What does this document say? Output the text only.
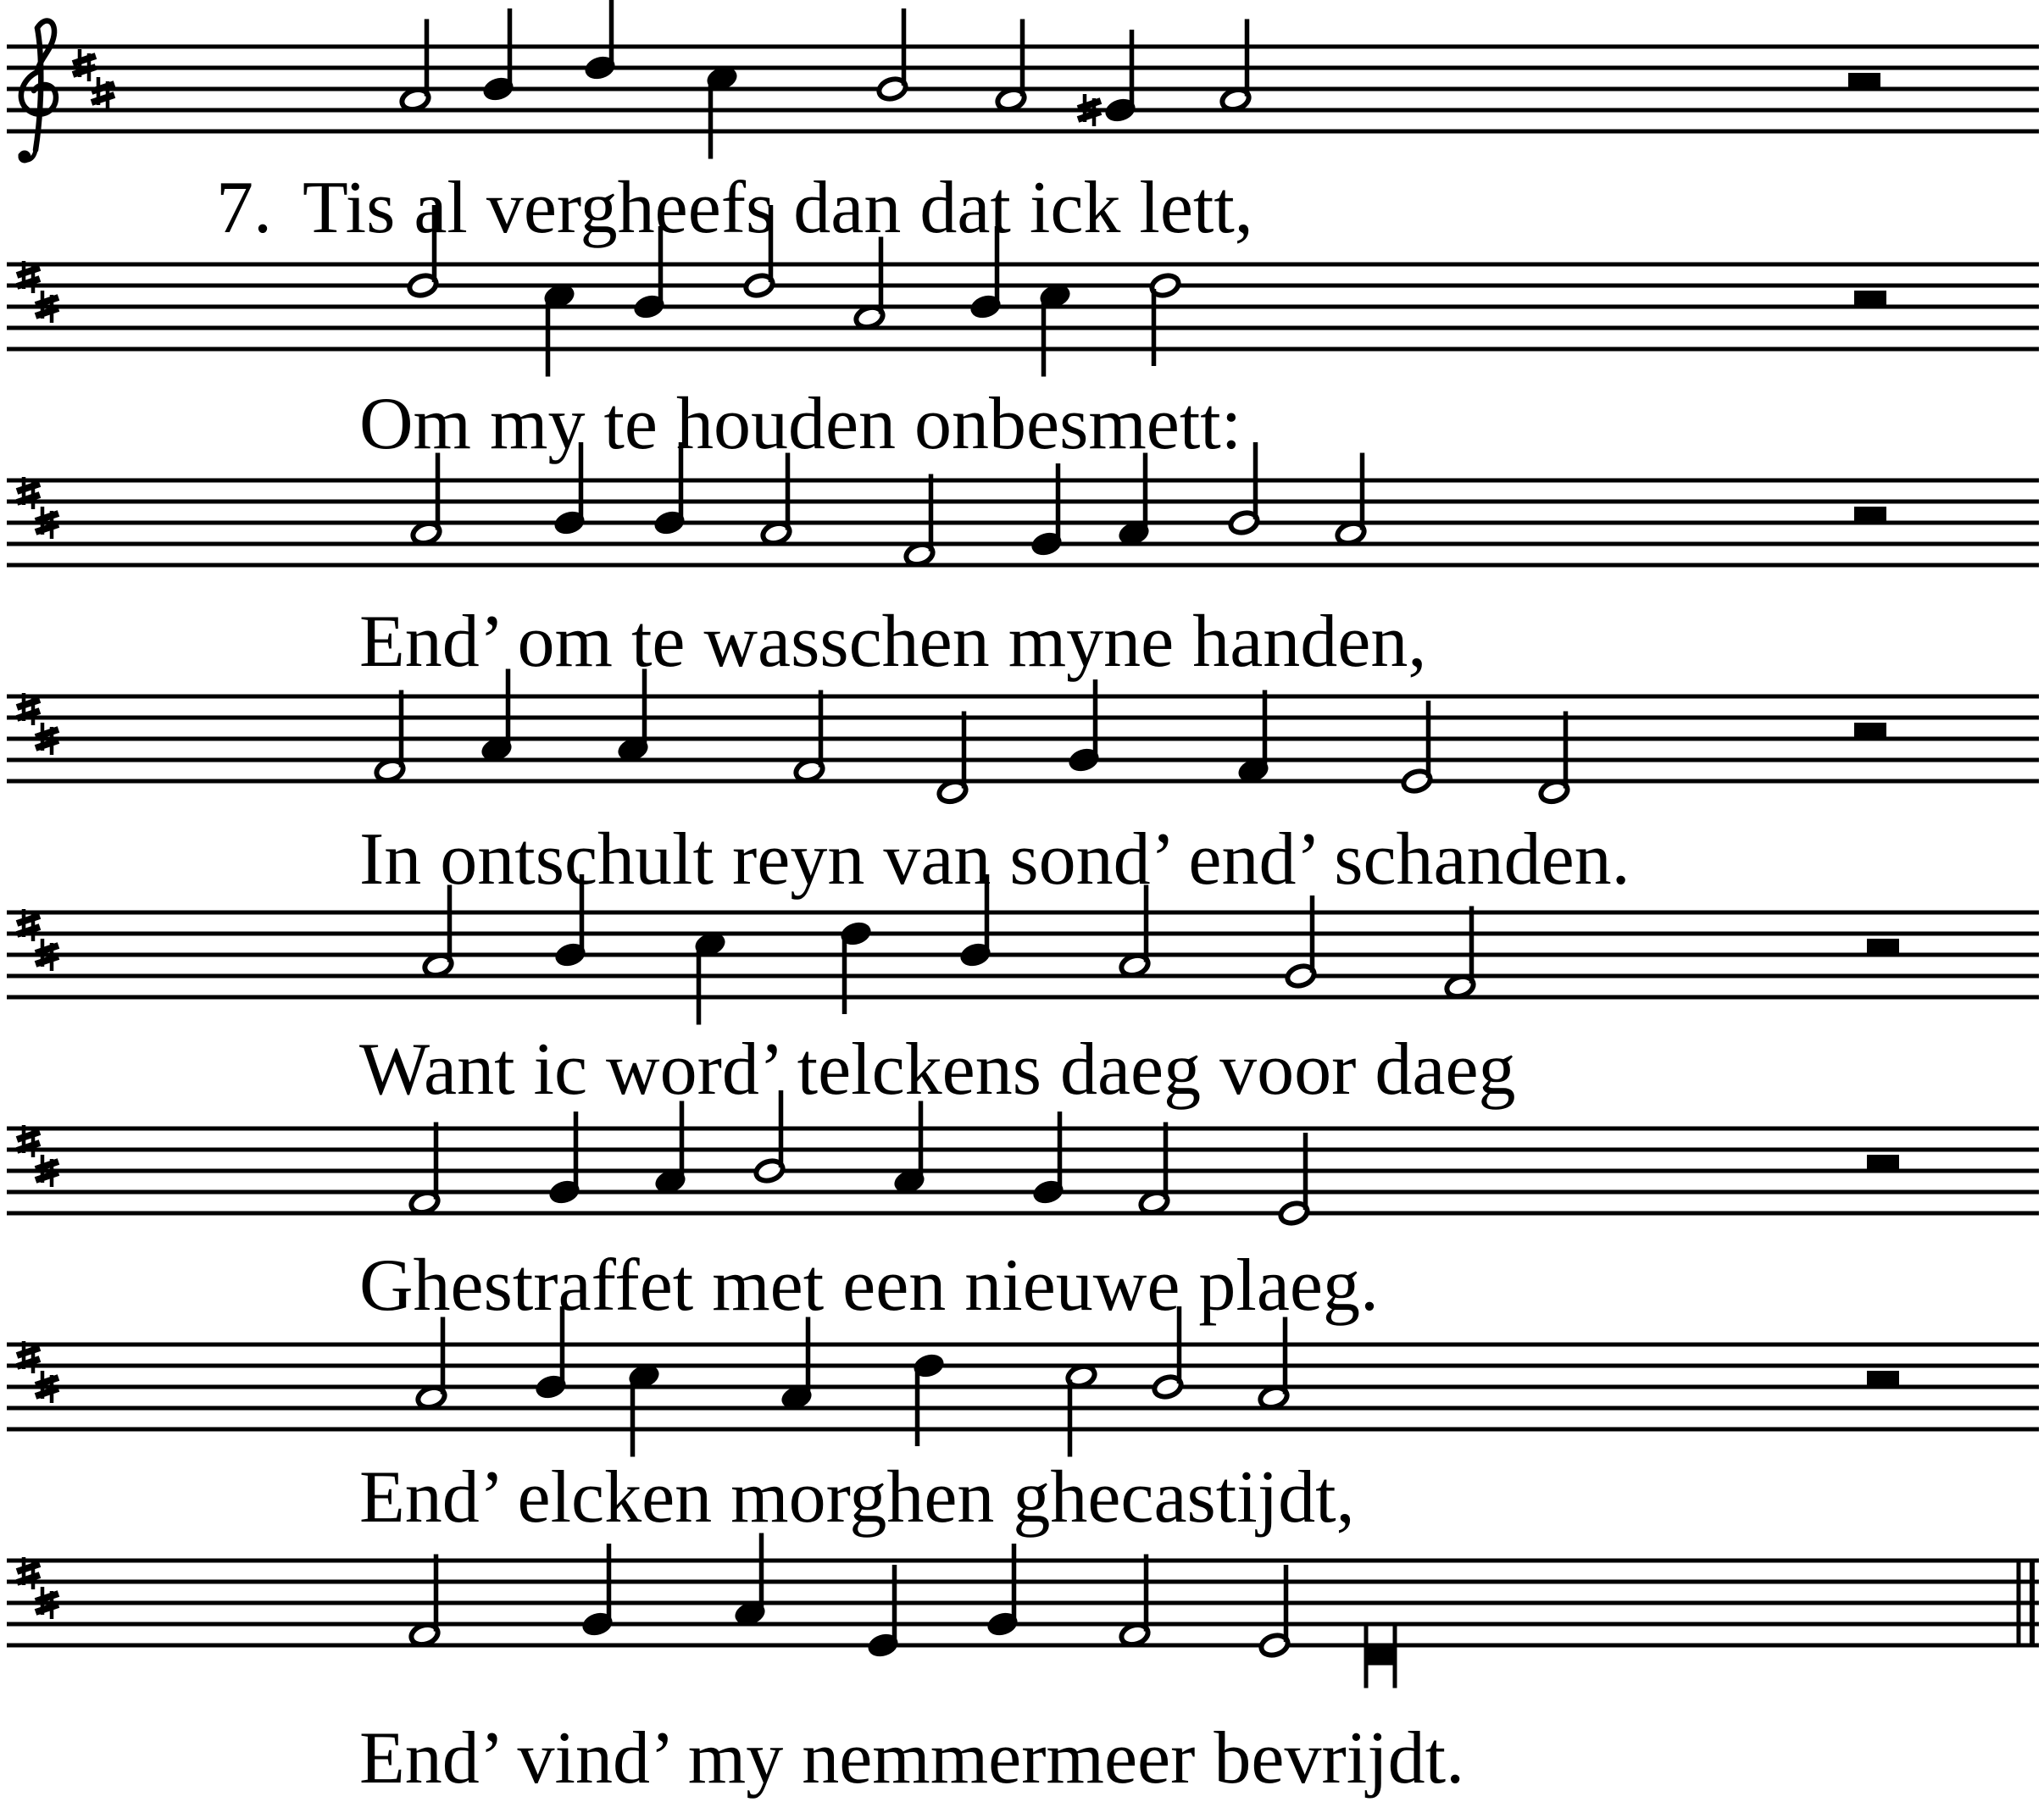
7. Tis al vergheefs dan dat ick lett,
Om my te houden onbesmett:
End’ om te wasschen myne handen,
In ontschult reyn van sond’ end’ schanden.
Want ic word’ telckens daeg voor daeg
Ghestraffet met een nieuwe plaeg.
End’ elcken morghen ghecastijdt,
End’ vind’ my nemmermeer bevrijdt.
